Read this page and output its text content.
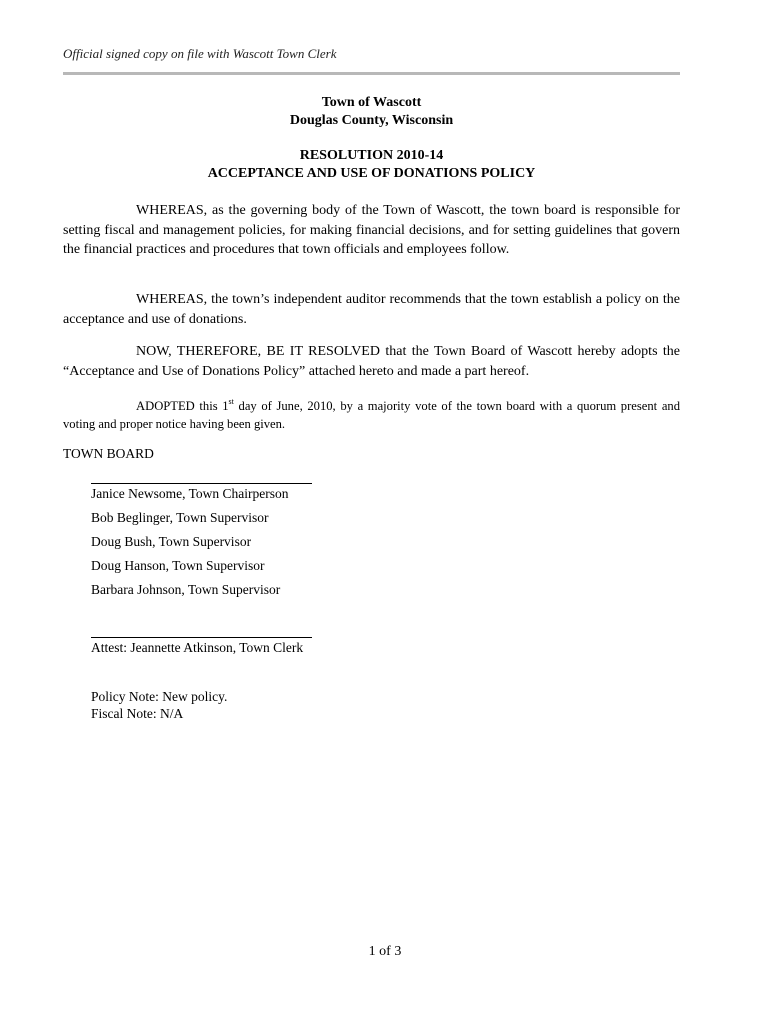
Official signed copy on file with Wascott Town Clerk
Town of Wascott
Douglas County, Wisconsin
RESOLUTION 2010-14
ACCEPTANCE AND USE OF DONATIONS POLICY
WHEREAS, as the governing body of the Town of Wascott, the town board is responsible for setting fiscal and management policies, for making financial decisions, and for setting guidelines that govern the financial practices and procedures that town officials and employees follow.
WHEREAS, the town’s independent auditor recommends that the town establish a policy on the acceptance and use of donations.
NOW, THEREFORE, BE IT RESOLVED that the Town Board of Wascott hereby adopts the “Acceptance and Use of Donations Policy” attached hereto and made a part hereof.
ADOPTED this 1st day of June, 2010, by a majority vote of the town board with a quorum present and voting and proper notice having been given.
TOWN BOARD
Janice Newsome, Town Chairperson
Bob Beglinger, Town Supervisor
Doug Bush, Town Supervisor
Doug Hanson, Town Supervisor
Barbara Johnson, Town Supervisor
Attest: Jeannette Atkinson, Town Clerk
Policy Note: New policy.
Fiscal Note: N/A
1 of 3
